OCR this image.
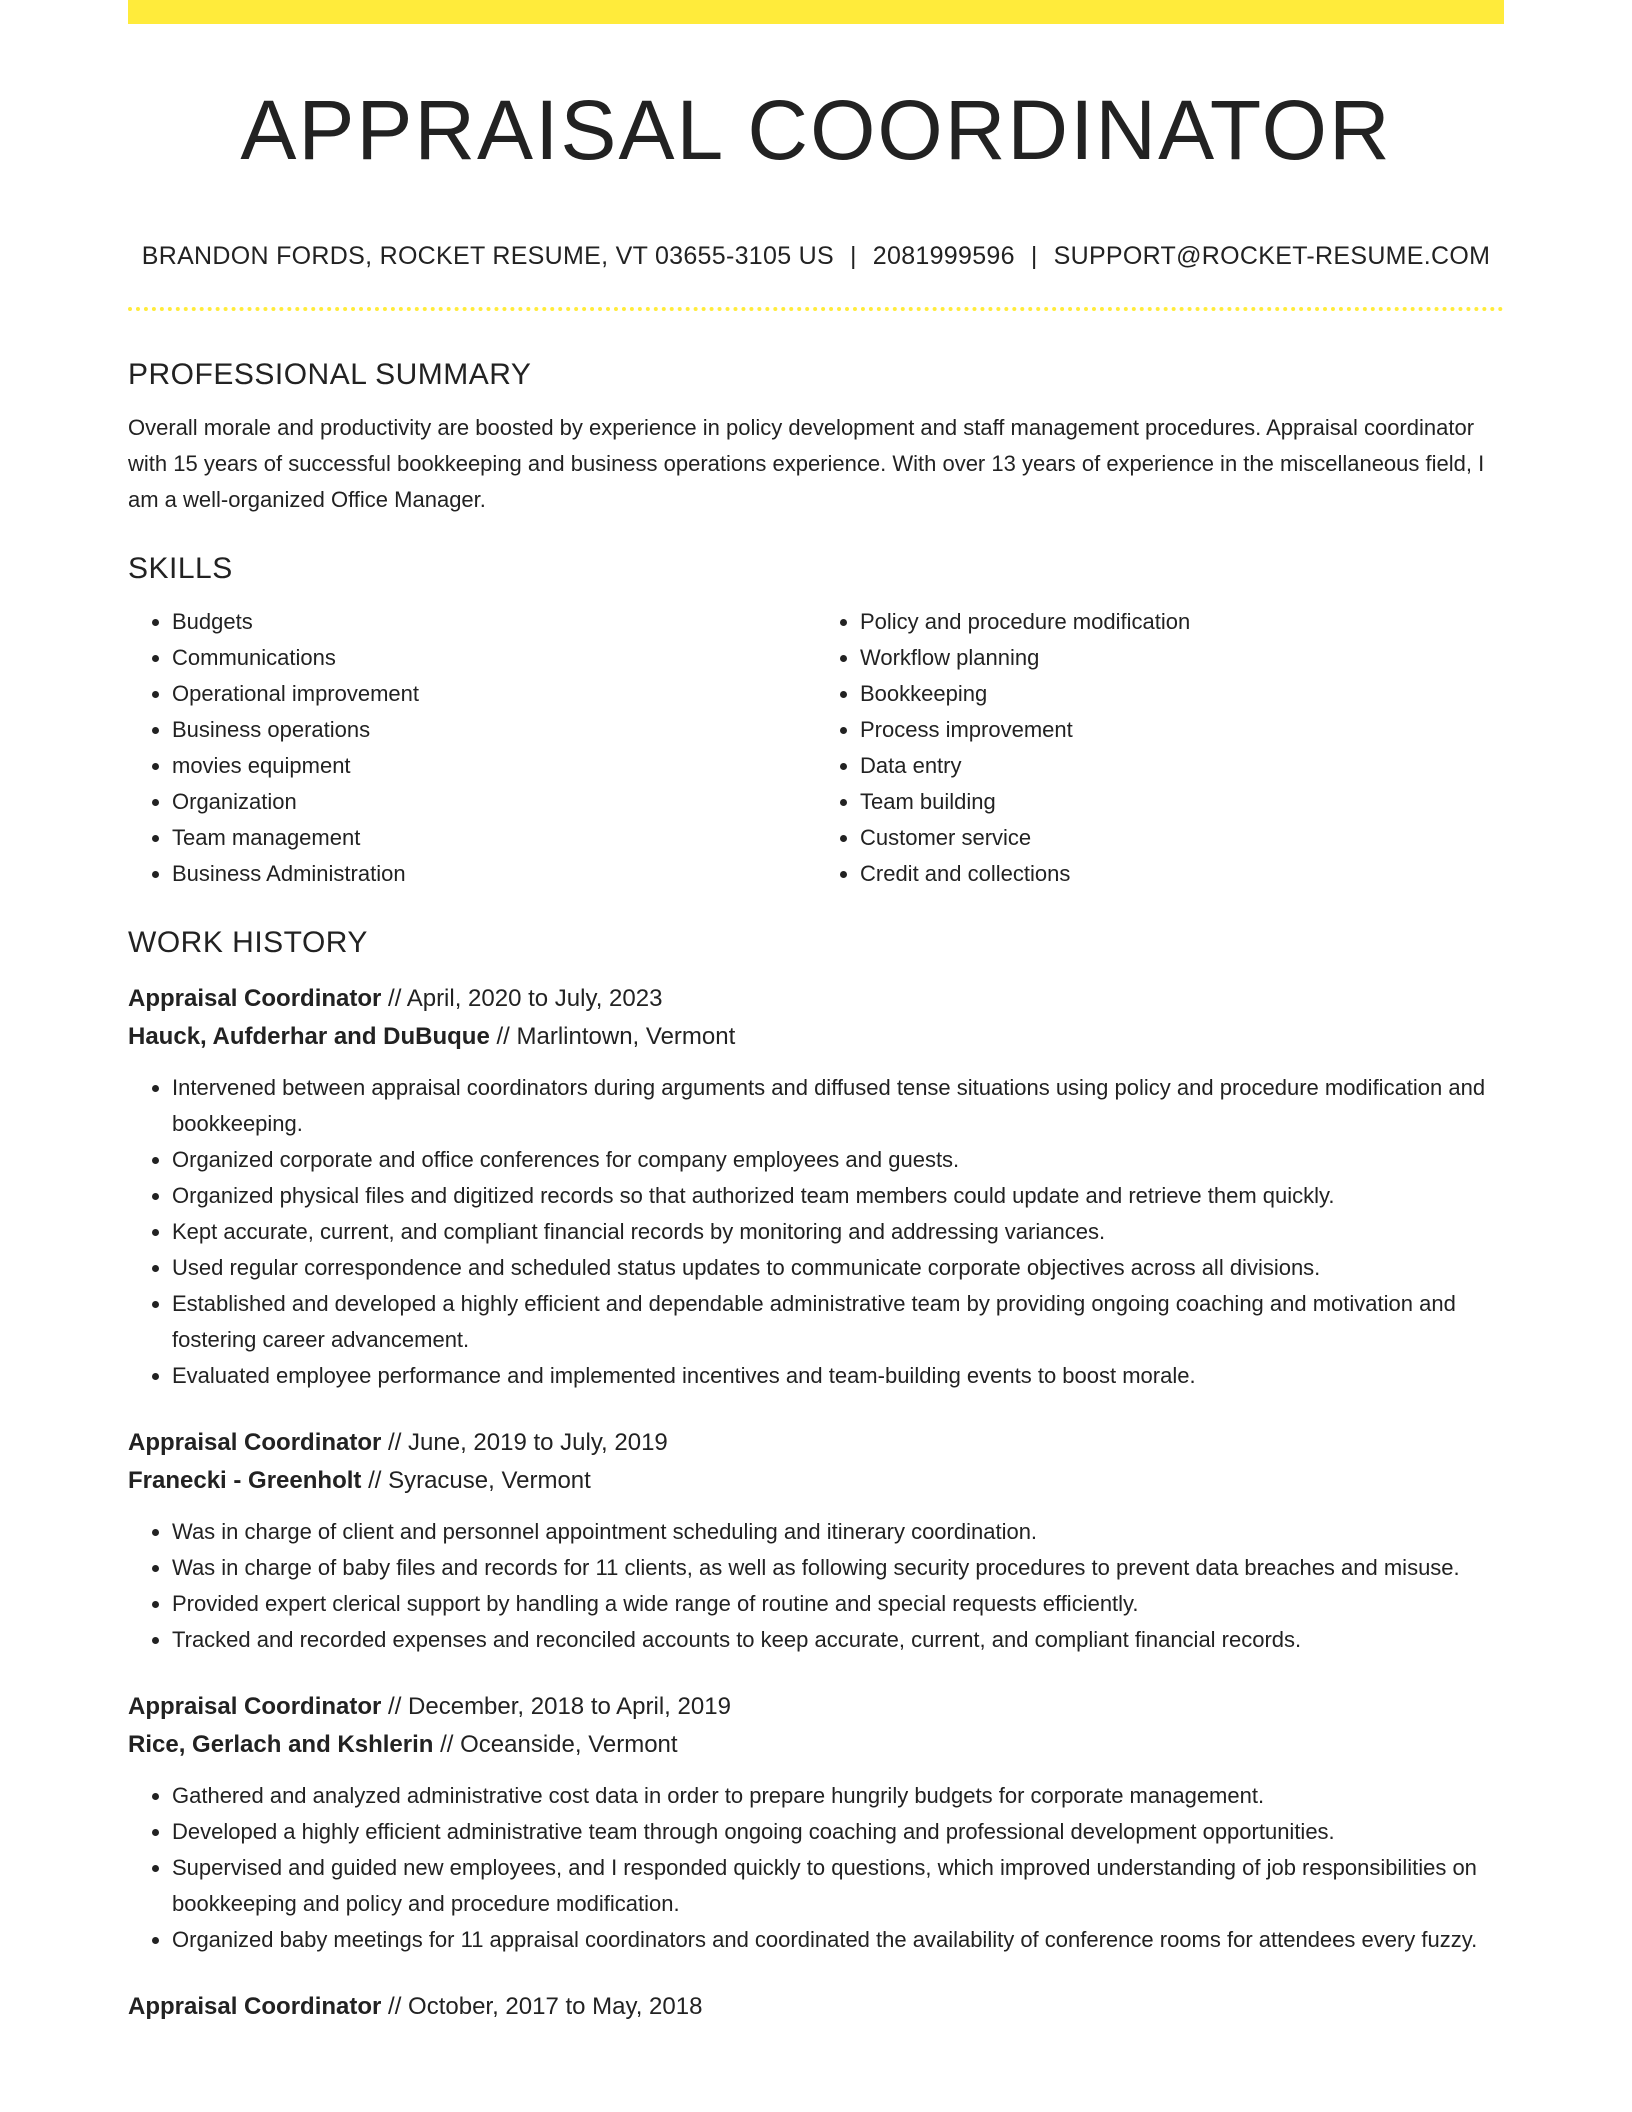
APPRAISAL COORDINATOR
BRANDON FORDS, ROCKET RESUME, VT 03655-3105 US | 2081999596 | SUPPORT@ROCKET-RESUME.COM
PROFESSIONAL SUMMARY

Overall morale and productivity are boosted by experience in policy development and staff management procedures. Appraisal coordinator with 15 years of successful bookkeeping and business operations experience. With over 13 years of experience in the miscellaneous field, I am a well-organized Office Manager.

SKILLS
• Budgets
• Communications
• Operational improvement
• Business operations
• movies equipment
• Organization
• Team management
• Business Administration
• Policy and procedure modification
• Workflow planning
• Bookkeeping
• Process improvement
• Data entry
• Team building
• Customer service
• Credit and collections
WORK HISTORY
Appraisal Coordinator // April, 2020 to July, 2023
Hauck, Aufderhar and DuBuque // Marlintown, Vermont
• Intervened between appraisal coordinators during arguments and diffused tense situations using policy and procedure modification and bookkeeping.
• Organized corporate and office conferences for company employees and guests.
• Organized physical files and digitized records so that authorized team members could update and retrieve them quickly.
• Kept accurate, current, and compliant financial records by monitoring and addressing variances.
• Used regular correspondence and scheduled status updates to communicate corporate objectives across all divisions.
• Established and developed a highly efficient and dependable administrative team by providing ongoing coaching and motivation and fostering career advancement.
• Evaluated employee performance and implemented incentives and team-building events to boost morale.
Appraisal Coordinator // June, 2019 to July, 2019
Franecki - Greenholt // Syracuse, Vermont
• Was in charge of client and personnel appointment scheduling and itinerary coordination.
• Was in charge of baby files and records for 11 clients, as well as following security procedures to prevent data breaches and misuse.
• Provided expert clerical support by handling a wide range of routine and special requests efficiently.
• Tracked and recorded expenses and reconciled accounts to keep accurate, current, and compliant financial records.
Appraisal Coordinator // December, 2018 to April, 2019
Rice, Gerlach and Kshlerin // Oceanside, Vermont
• Gathered and analyzed administrative cost data in order to prepare hungrily budgets for corporate management.
• Developed a highly efficient administrative team through ongoing coaching and professional development opportunities.
• Supervised and guided new employees, and I responded quickly to questions, which improved understanding of job responsibilities on bookkeeping and policy and procedure modification.
• Organized baby meetings for 11 appraisal coordinators and coordinated the availability of conference rooms for attendees every fuzzy.
Appraisal Coordinator // October, 2017 to May, 2018
